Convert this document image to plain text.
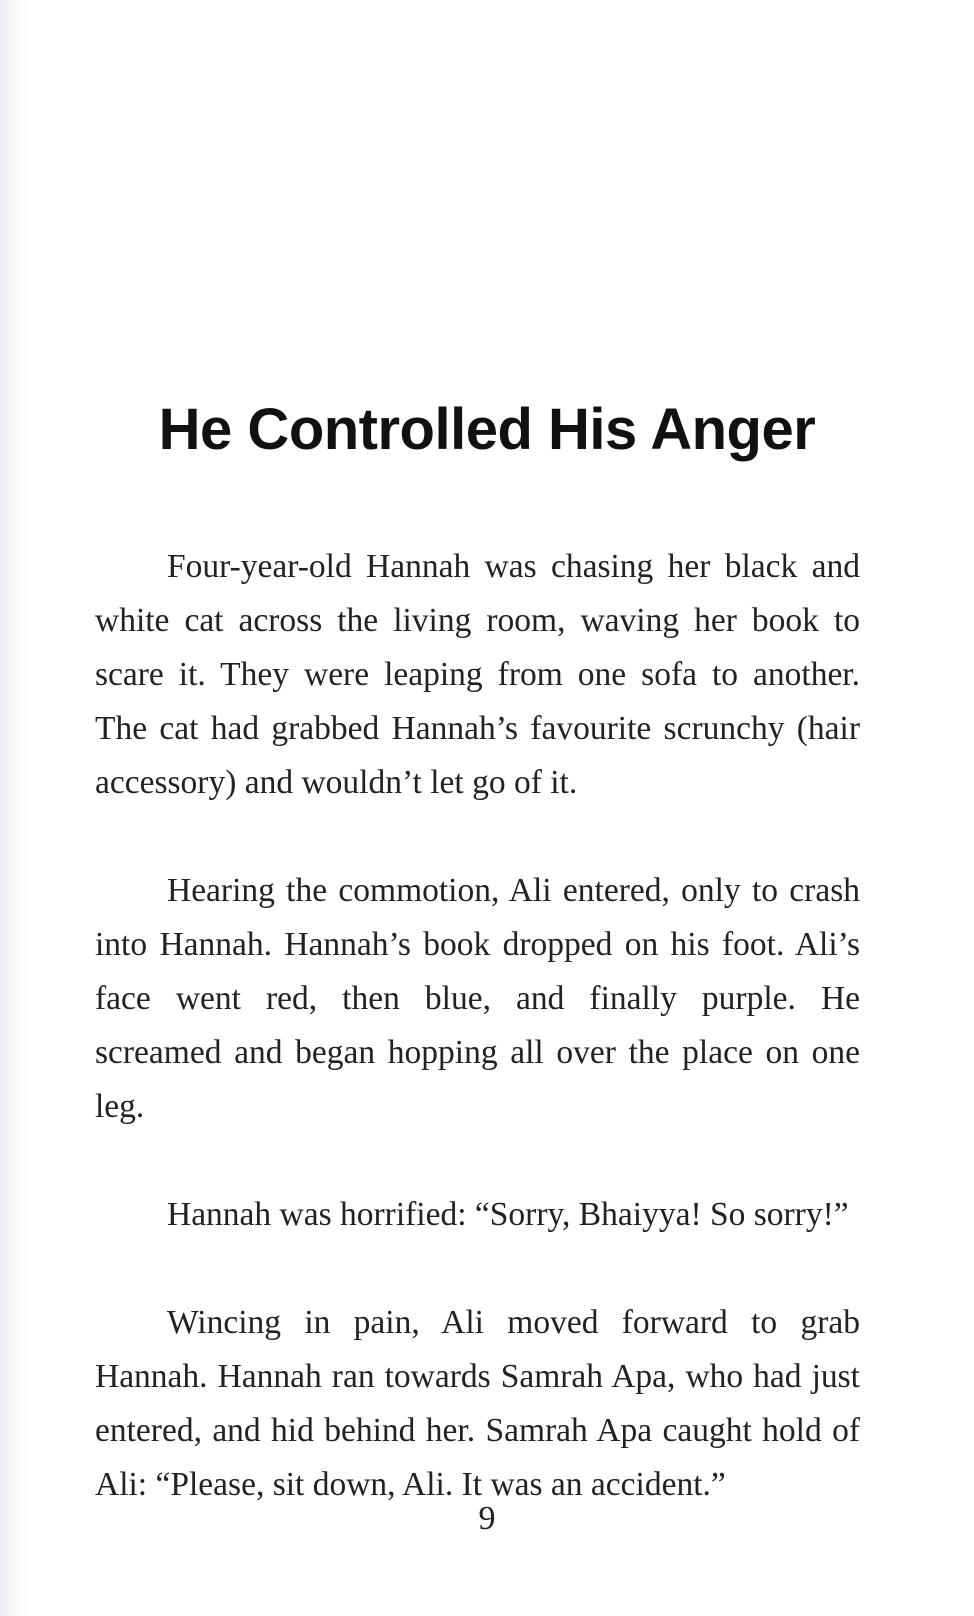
He Controlled His Anger

Four-year-old Hannah was chasing her black and white cat across the living room, waving her book to scare it. They were leaping from one sofa to another. The cat had grabbed Hannah’s favourite scrunchy (hair accessory) and wouldn’t let go of it.

Hearing the commotion, Ali entered, only to crash into Hannah. Hannah’s book dropped on his foot. Ali’s face went red, then blue, and finally purple. He screamed and began hopping all over the place on one leg.

Hannah was horrified: “Sorry, Bhaiyya! So sorry!”

Wincing in pain, Ali moved forward to grab Hannah. Hannah ran towards Samrah Apa, who had just entered, and hid behind her. Samrah Apa caught hold of Ali: “Please, sit down, Ali. It was an accident.”

9
